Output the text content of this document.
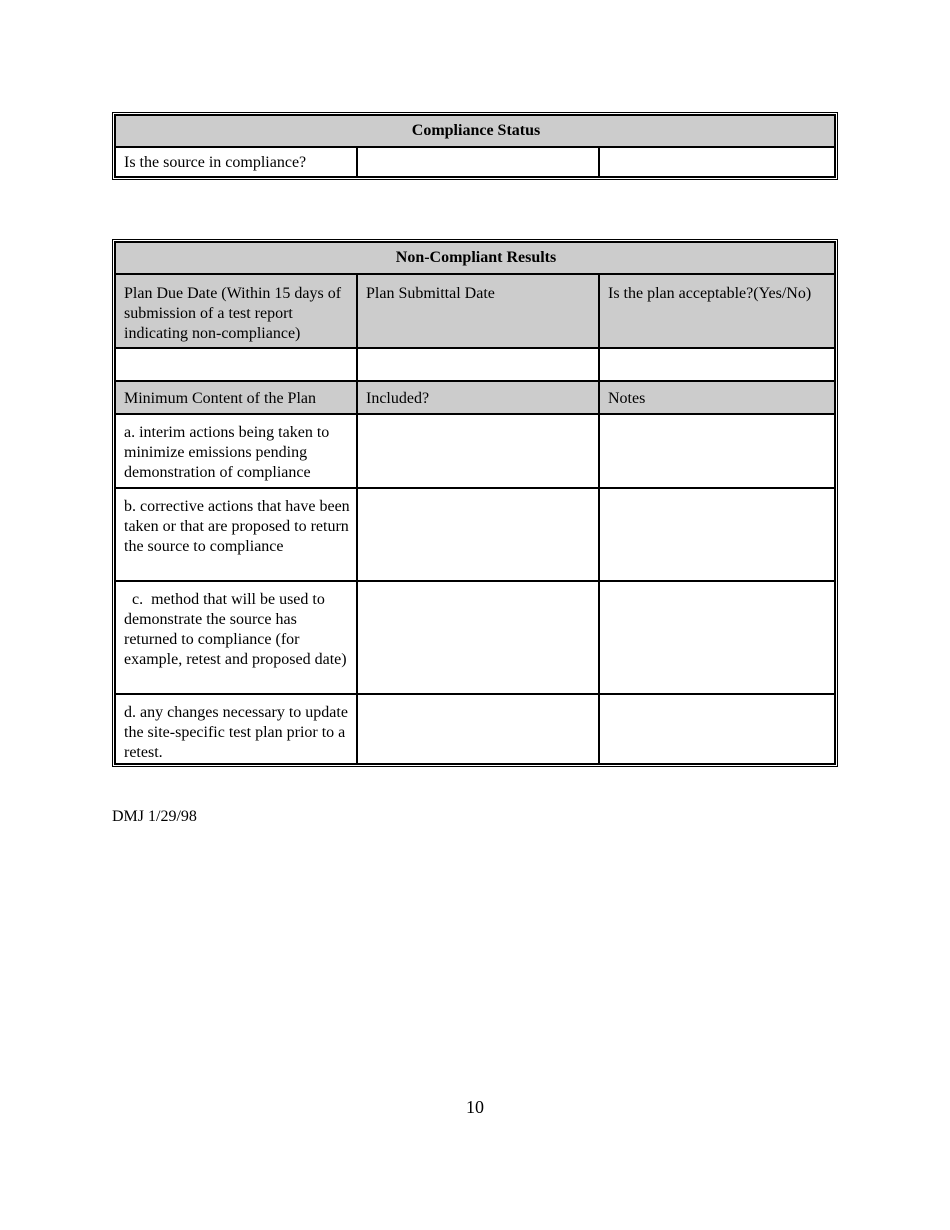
Compliance Status
Is the source in compliance?		
Non-Compliant Results		
Plan Due Date (Within 15 days of submission of a test report indicating non-compliance)	Plan Submittal Date	Is the plan acceptable?(Yes/No)

Minimum Content of the Plan	Included?	Notes
a. interim actions being taken to minimize emissions pending demonstration of compliance		
b. corrective actions that have been taken or that are proposed to return the source to compliance		
c.  method that will be used to demonstrate the source has returned to compliance (for example, retest and proposed date)		
d. any changes necessary to update the site-specific test plan prior to a retest.		
DMJ 1/29/98
10
